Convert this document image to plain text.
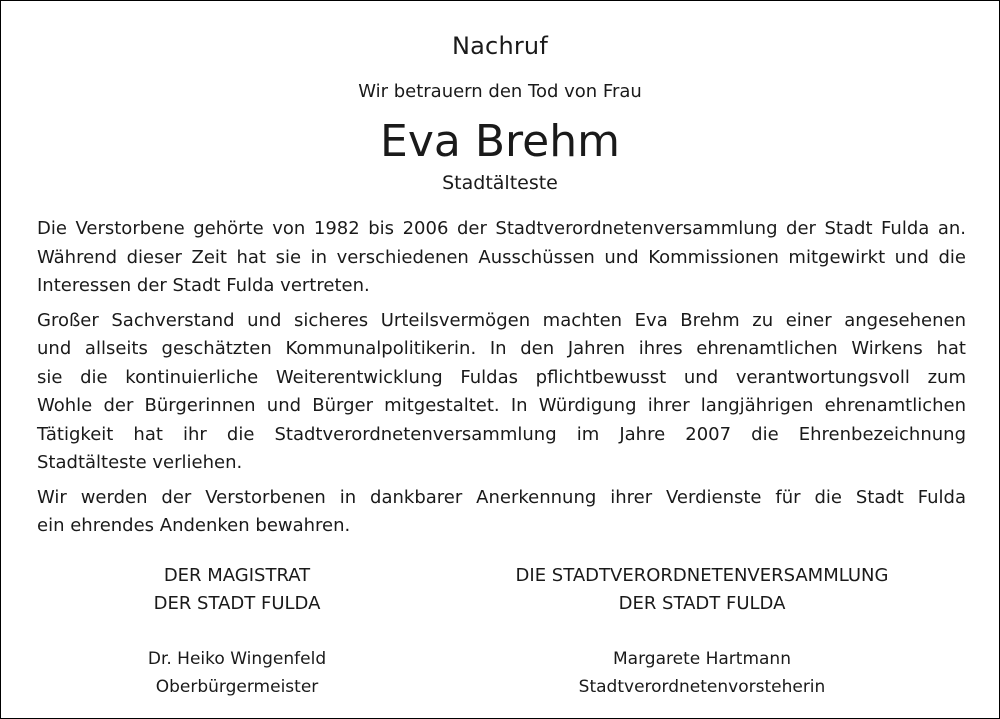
Nachruf
Wir betrauern den Tod von Frau
Eva Brehm
Stadtälteste

Die Verstorbene gehörte von 1982 bis 2006 der Stadtverordnetenversammlung der Stadt Fulda an.
Während dieser Zeit hat sie in verschiedenen Ausschüssen und Kommissionen mitgewirkt und die
Interessen der Stadt Fulda vertreten.

Großer Sachverstand und sicheres Urteilsvermögen machten Eva Brehm zu einer angesehenen
und allseits geschätzten Kommunalpolitikerin. In den Jahren ihres ehrenamtlichen Wirkens hat
sie die kontinuierliche Weiterentwicklung Fuldas pflichtbewusst und verantwortungsvoll zum
Wohle der Bürgerinnen und Bürger mitgestaltet. In Würdigung ihrer langjährigen ehrenamtlichen
Tätigkeit hat ihr die Stadtverordnetenversammlung im Jahre 2007 die Ehrenbezeichnung
Stadtälteste verliehen.

Wir werden der Verstorbenen in dankbarer Anerkennung ihrer Verdienste für die Stadt Fulda
ein ehrendes Andenken bewahren.

DER MAGISTRAT
DER STADT FULDA
Dr. Heiko Wingenfeld
Oberbürgermeister
DIE STADTVERORDNETENVERSAMMLUNG
DER STADT FULDA
Margarete Hartmann
Stadtverordnetenvorsteherin
